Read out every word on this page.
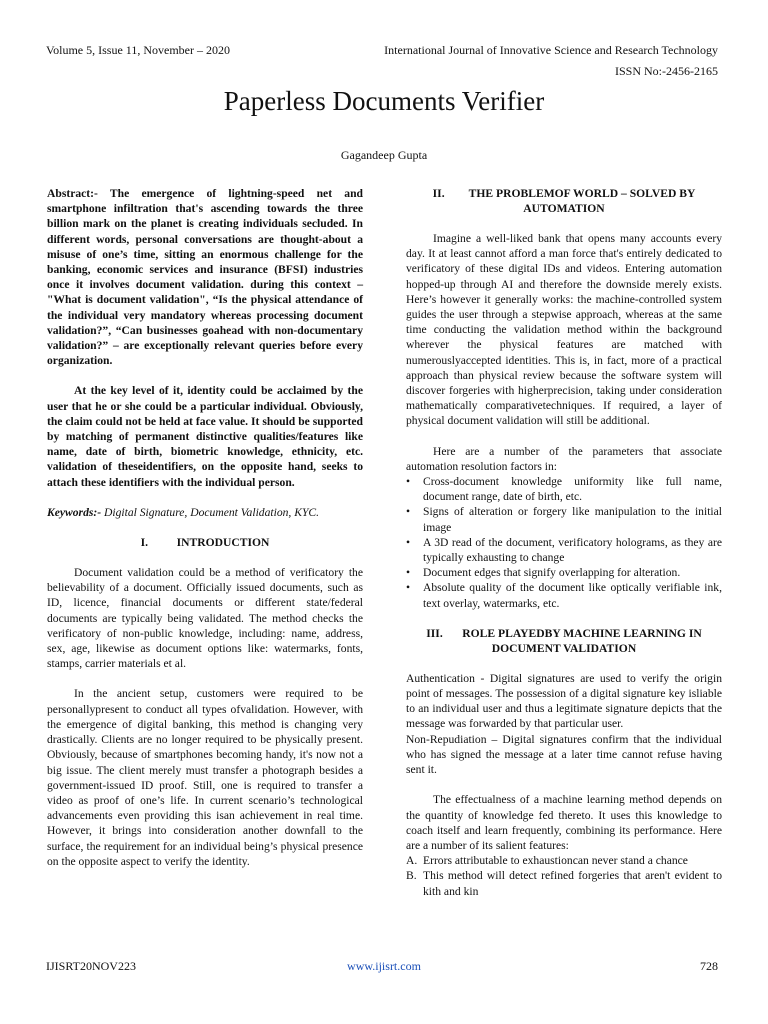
Volume 5, Issue 11, November – 2020	International Journal of Innovative Science and Research Technology
ISSN No:-2456-2165
Paperless Documents Verifier
Gagandeep Gupta

Abstract:- The emergence of lightning-speed net and smartphone infiltration that's ascending towards the three billion mark on the planet is creating individuals secluded. In different words, personal conversations are thought-about a misuse of one’s time, sitting an enormous challenge for the banking, economic services and insurance (BFSI) industries once it involves document validation. during this context – "What is document validation", “Is the physical attendance of the individual very mandatory whereas processing document validation?”, “Can businesses goahead with non-documentary validation?” – are exceptionally relevant queries before every organization.

At the key level of it, identity could be acclaimed by the user that he or she could be a particular individual. Obviously, the claim could not be held at face value. It should be supported by matching of permanent distinctive qualities/features like name, date of birth, biometric knowledge, ethnicity, etc. validation of theseidentifiers, on the opposite hand, seeks to attach these identifiers with the individual person.

Keywords:- Digital Signature, Document Validation, KYC.

I. INTRODUCTION

Document validation could be a method of verificatory the believability of a document. Officially issued documents, such as ID, licence, financial documents or different state/federal documents are typically being validated. The method checks the verificatory of non-public knowledge, including: name, address, sex, age, likewise as document options like: watermarks, fonts, stamps, carrier materials et al.

In the ancient setup, customers were required to be personallypresent to conduct all types ofvalidation. However, with the emergence of digital banking, this method is changing very drastically. Clients are no longer required to be physically present. Obviously, because of smartphones becoming handy, it's now not a big issue. The client merely must transfer a photograph besides a government-issued ID proof. Still, one is required to transfer a video as proof of one’s life. In current scenario’s technological advancements even providing this isan achievement in real time. However, it brings into consideration another downfall to the surface, the requirement for an individual being’s physical presence on the opposite aspect to verify the identity.

II. THE PROBLEMOF WORLD – SOLVED BY AUTOMATION

Imagine a well-liked bank that opens many accounts every day. It at least cannot afford a man force that's entirely dedicated to verificatory of these digital IDs and videos. Entering automation hopped-up through AI and therefore the downside merely exists. Here’s however it generally works: the machine-controlled system guides the user through a stepwise approach, whereas at the same time conducting the validation method within the background wherever the physical features are matched with numerouslyaccepted identities. This is, in fact, more of a practical approach than physical review because the software system will discover forgeries with higherprecision, taking under consideration mathematically comparativetechniques. If required, a layer of physical document validation will still be additional.

Here are a number of the parameters that associate automation resolution factors in:

• Cross-document knowledge uniformity like full name, document range, date of birth, etc.
• Signs of alteration or forgery like manipulation to the initial image
• A 3D read of the document, verificatory holograms, as they are typically exhausting to change
• Document edges that signify overlapping for alteration.
• Absolute quality of the document like optically verifiable ink, text overlay, watermarks, etc.
III. ROLE PLAYEDBY MACHINE LEARNING IN DOCUMENT VALIDATION

Authentication - Digital signatures are used to verify the origin point of messages. The possession of a digital signature key isliable to an individual user and thus a legitimate signature depicts that the message was forwarded by that particular user.

Non-Repudiation – Digital signatures confirm that the individual who has signed the message at a later time cannot refuse having sent it.

The effectualness of a machine learning method depends on the quantity of knowledge fed thereto. It uses this knowledge to coach itself and learn frequently, combining its performance. Here are a number of its salient features:

A. Errors attributable to exhaustioncan never stand a chance
B. This method will detect refined forgeries that aren't evident to kith and kin
IJISRT20NOV223	www.ijisrt.com	728
